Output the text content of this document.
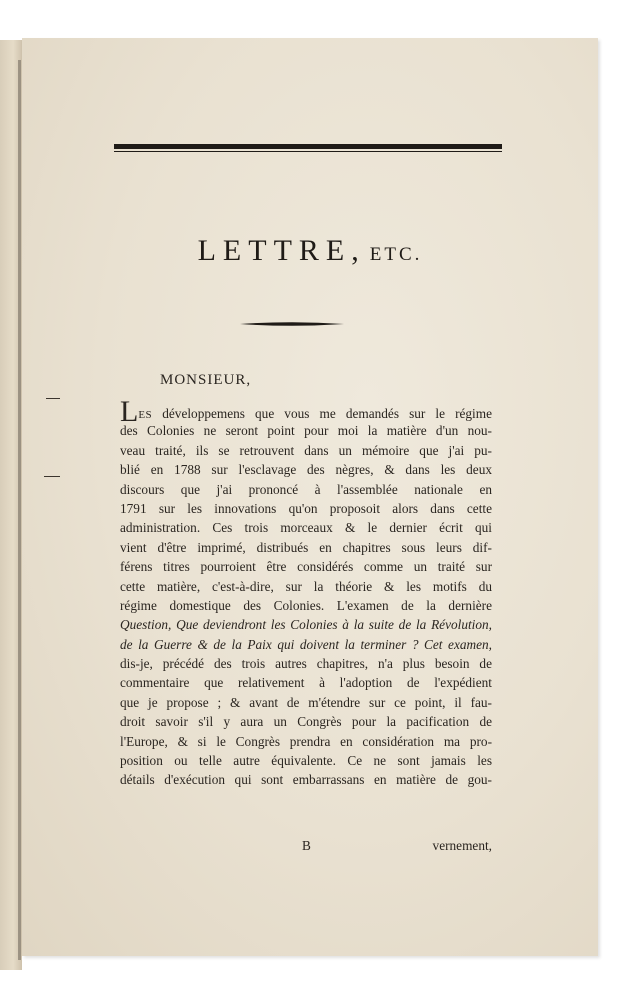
LETTRE, ETC.
MONSIEUR,
LES développemens que vous me demandés sur le régime
des Colonies ne seront point pour moi la matière d'un nou-
veau traité, ils se retrouvent dans un mémoire que j'ai pu-
blié en 1788 sur l'esclavage des nègres, & dans les deux
discours que j'ai prononcé à l'assemblée nationale en
1791 sur les innovations qu'on proposoit alors dans cette
administration. Ces trois morceaux & le dernier écrit qui
vient d'être imprimé, distribués en chapitres sous leurs dif-
férens titres pourroient être considérés comme un traité sur
cette matière, c'est-à-dire, sur la théorie & les motifs du
régime domestique des Colonies. L'examen de la dernière
Question, Que deviendront les Colonies à la suite de la Révolution,
de la Guerre & de la Paix qui doivent la terminer ? Cet examen,
dis-je, précédé des trois autres chapitres, n'a plus besoin de
commentaire que relativement à l'adoption de l'expédient
que je propose ; & avant de m'étendre sur ce point, il fau-
droit savoir s'il y aura un Congrès pour la pacification de
l'Europe, & si le Congrès prendra en considération ma pro-
position ou telle autre équivalente. Ce ne sont jamais les
détails d'exécution qui sont embarrassans en matière de gou-
B	vernement,
